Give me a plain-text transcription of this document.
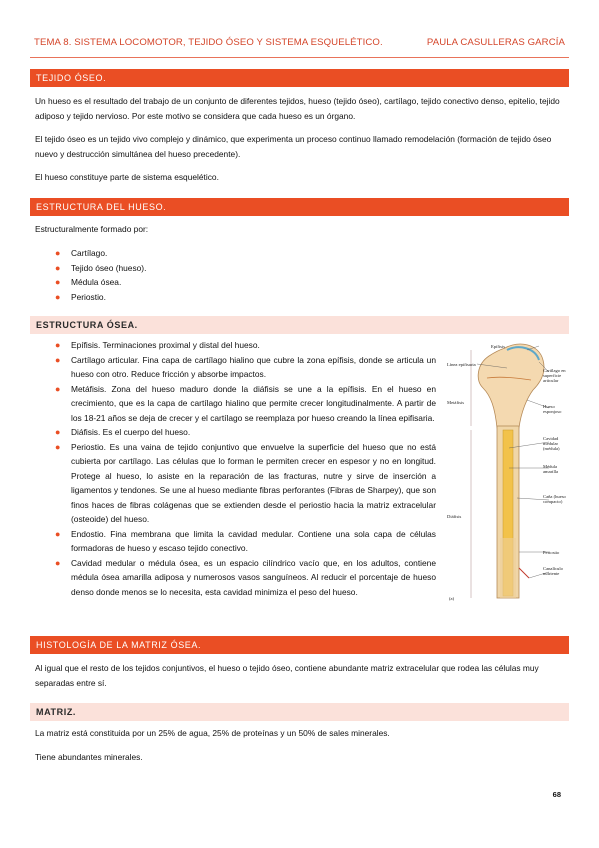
TEMA 8. SISTEMA LOCOMOTOR, TEJIDO ÓSEO Y SISTEMA ESQUELÉTICO.	PAULA CASULLERAS GARCÍA
TEJIDO ÓSEO.
Un hueso es el resultado del trabajo de un conjunto de diferentes tejidos, hueso (tejido óseo), cartílago, tejido conectivo denso, epitelio, tejido adiposo y tejido nervioso. Por este motivo se considera que cada hueso es un órgano.
El tejido óseo es un tejido vivo complejo y dinámico, que experimenta un proceso continuo llamado remodelación (formación de tejido óseo nuevo y destrucción simultánea del hueso precedente).
El hueso constituye parte de sistema esquelético.
ESTRUCTURA DEL HUESO.
Estructuralmente formado por:
● Cartílago.
● Tejido óseo (hueso).
● Médula ósea.
● Periostio.
ESTRUCTURA ÓSEA.
● Epífisis. Terminaciones proximal y distal del hueso.
● Cartílago articular. Fina capa de cartílago hialino que cubre la zona epífisis, donde se articula un hueso con otro. Reduce fricción y absorbe impactos.
● Metáfisis. Zona del hueso maduro donde la diáfisis se une a la epífisis. En el hueso en crecimiento, que es la capa de cartílago hialino que permite crecer longitudinalmente. A partir de los 18-21 años se deja de crecer y el cartílago se reemplaza por hueso creando la línea epifisaria.
● Diáfisis. Es el cuerpo del hueso.
● Periostio. Es una vaina de tejido conjuntivo que envuelve la superficie del hueso que no está cubierta por cartílago. Las células que lo forman le permiten crecer en espesor y no en longitud. Protege al hueso, lo asiste en la reparación de las fracturas, nutre y sirve de inserción a ligamentos y tendones. Se une al hueso mediante fibras perforantes (Fibras de Sharpey), que son finos haces de fibras colágenas que se extienden desde el periostio hacia la matriz extracelular (osteoide) del hueso.
● Endostio. Fina membrana que limita la cavidad medular. Contiene una sola capa de células formadoras de hueso y escaso tejido conectivo.
● Cavidad medular o médula ósea, es un espacio cilíndrico vacío que, en los adultos, contiene médula ósea amarilla adiposa y numerosos vasos sanguíneos. Al reducir el porcentaje de hueso denso donde menos se lo necesita, esta cavidad minimiza el peso del hueso.
Epífisis
Línea epifisaria
Cartílago en superficie articular
Metáfisis
Hueso esponjoso
Cavidad medular (médula)
Médula amarilla
Caña (hueso compacto)
Diáfisis
Periostio
Canalículo nutriente
(a)
HISTOLOGÍA DE LA MATRIZ ÓSEA.
Al igual que el resto de los tejidos conjuntivos, el hueso o tejido óseo, contiene abundante matriz extracelular que rodea las células muy separadas entre sí.
MATRIZ.
La matriz está constituida por un 25% de agua, 25% de proteínas y un 50% de sales minerales.
Tiene abundantes minerales.
68
